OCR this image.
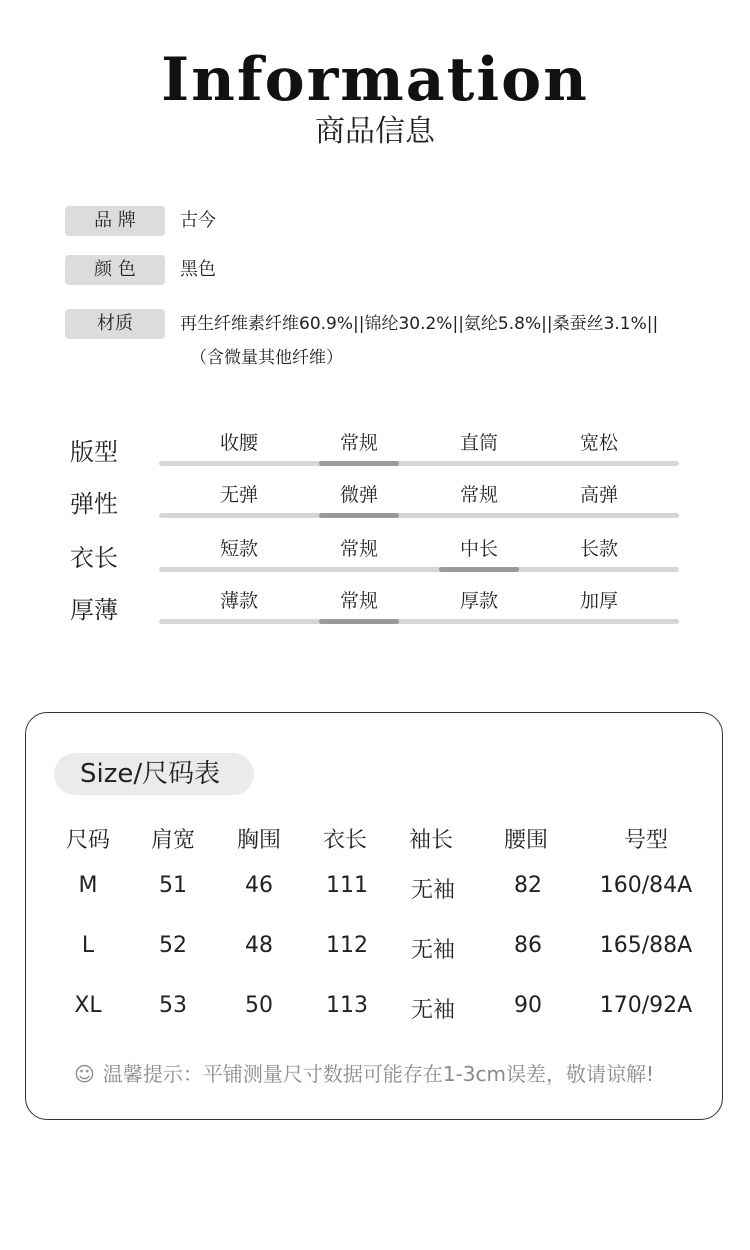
Information
商品信息
品 牌	古今
颜 色	黑色
材质	再生纤维素纤维60.9%||锦纶30.2%||氨纶5.8%||桑蚕丝3.1%||
（含微量其他纤维）
版型	收腰	常规	直筒	宽松
弹性	无弹	微弹	常规	高弹
衣长	短款	常规	中长	长款
厚薄	薄款	常规	厚款	加厚
Size/尺码表
尺码	肩宽	胸围	衣长	袖长	腰围	号型
M	51	46	111	无袖	82	160/84A
L	52	48	112	无袖	86	165/88A
XL	53	50	113	无袖	90	170/92A
☺ 温馨提示：平铺测量尺寸数据可能存在1-3cm误差，敬请谅解!
